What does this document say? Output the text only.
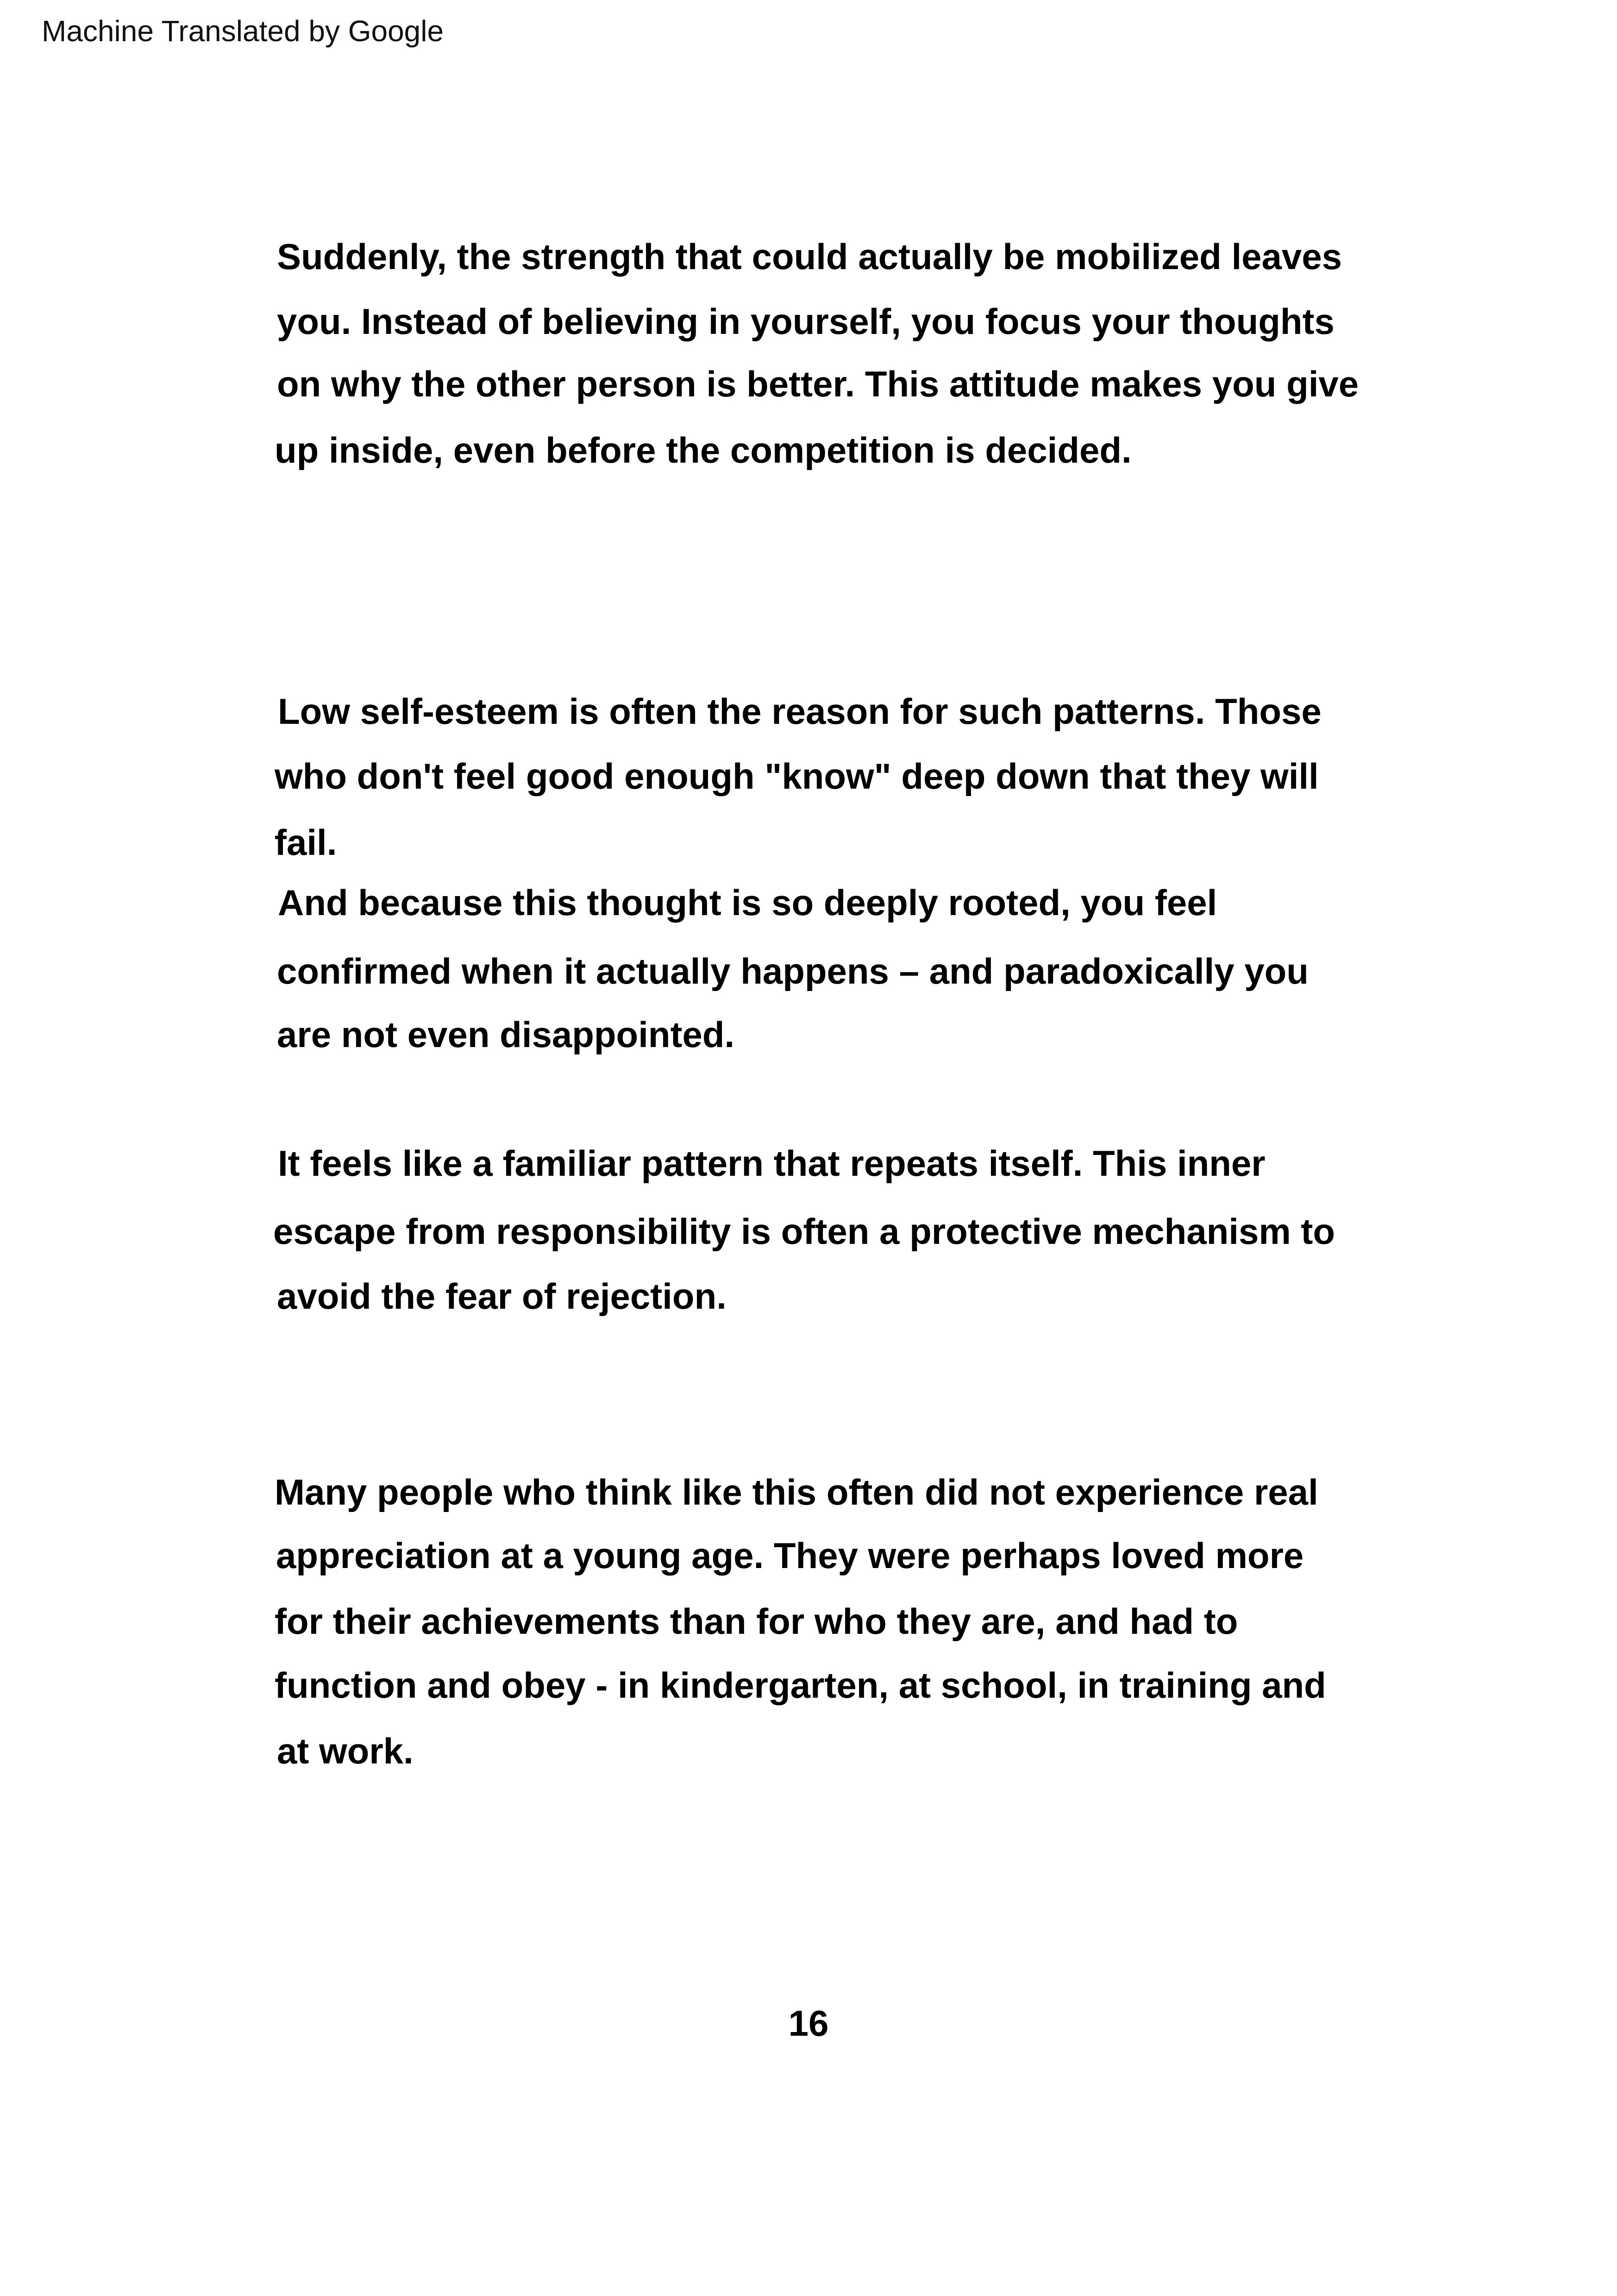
Machine Translated by Google
Suddenly, the strength that could actually be mobilized leaves
you. Instead of believing in yourself, you focus your thoughts
on why the other person is better. This attitude makes you give
up inside, even before the competition is decided.
Low self-esteem is often the reason for such patterns. Those
who don't feel good enough "know" deep down that they will
fail.
And because this thought is so deeply rooted, you feel
confirmed when it actually happens – and paradoxically you
are not even disappointed.
It feels like a familiar pattern that repeats itself. This inner
escape from responsibility is often a protective mechanism to
avoid the fear of rejection.
Many people who think like this often did not experience real
appreciation at a young age. They were perhaps loved more
for their achievements than for who they are, and had to
function and obey - in kindergarten, at school, in training and
at work.
16
